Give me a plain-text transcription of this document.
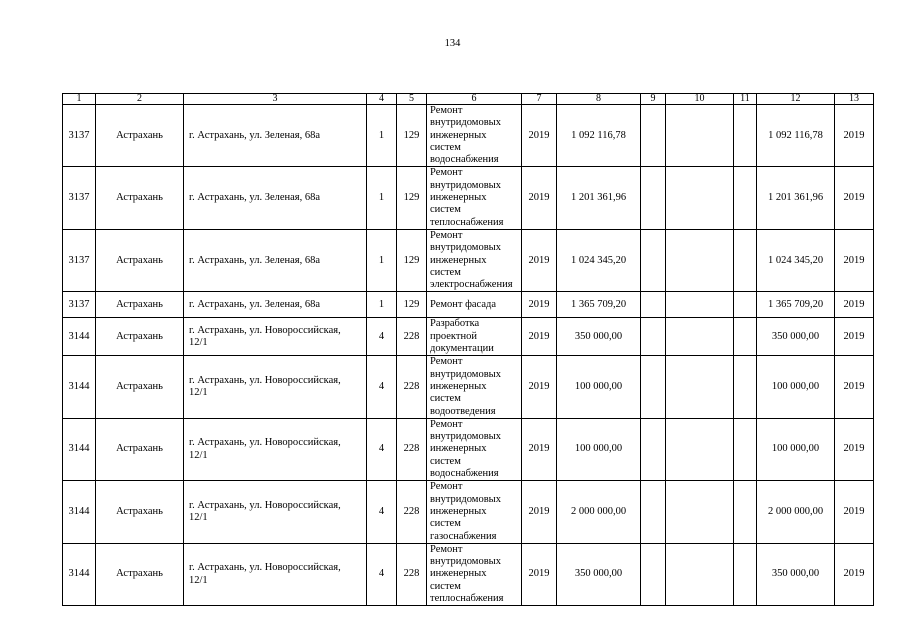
134
1	2	3	4	5	6	7	8	9	10	11	12	13
3137	Астрахань	г. Астрахань, ул. Зеленая, 68а	1	129	Ремонт внутридомовых инженерных систем водоснабжения	2019	1 092 116,78				1 092 116,78	2019
3137	Астрахань	г. Астрахань, ул. Зеленая, 68а	1	129	Ремонт внутридомовых инженерных систем теплоснабжения	2019	1 201 361,96				1 201 361,96	2019
3137	Астрахань	г. Астрахань, ул. Зеленая, 68а	1	129	Ремонт внутридомовых инженерных систем электроснабжения	2019	1 024 345,20				1 024 345,20	2019
3137	Астрахань	г. Астрахань, ул. Зеленая, 68а	1	129	Ремонт фасада	2019	1 365 709,20				1 365 709,20	2019
3144	Астрахань	г. Астрахань, ул. Новороссийская, 12/1	4	228	Разработка проектной документации	2019	350 000,00				350 000,00	2019
3144	Астрахань	г. Астрахань, ул. Новороссийская, 12/1	4	228	Ремонт внутридомовых инженерных систем водоотведения	2019	100 000,00				100 000,00	2019
3144	Астрахань	г. Астрахань, ул. Новороссийская, 12/1	4	228	Ремонт внутридомовых инженерных систем водоснабжения	2019	100 000,00				100 000,00	2019
3144	Астрахань	г. Астрахань, ул. Новороссийская, 12/1	4	228	Ремонт внутридомовых инженерных систем газоснабжения	2019	2 000 000,00				2 000 000,00	2019
3144	Астрахань	г. Астрахань, ул. Новороссийская, 12/1	4	228	Ремонт внутридомовых инженерных систем теплоснабжения	2019	350 000,00				350 000,00	2019
